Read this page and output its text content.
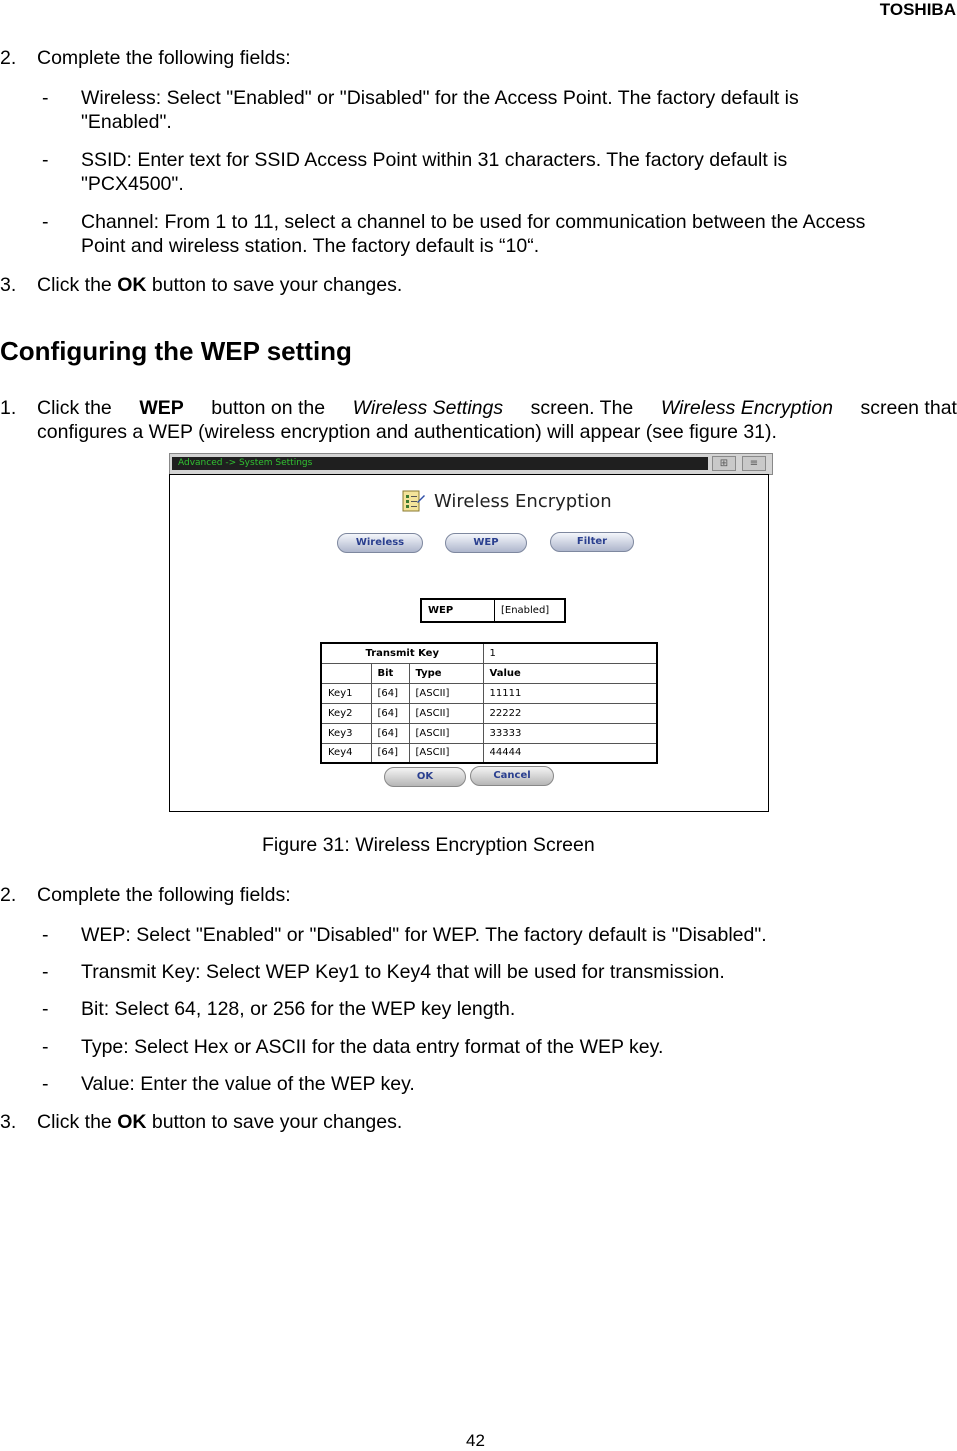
TOSHIBA
2. Complete the following fields:
- Wireless: Select "Enabled" or "Disabled" for the Access Point. The factory default is
"Enabled".
- SSID: Enter text for SSID Access Point within 31 characters. The factory default is
"PCX4500".
- Channel: From 1 to 11, select a channel to be used for communication between the Access
Point and wireless station. The factory default is “10“.
3. Click the OK button to save your changes.
Configuring the WEP setting
1. Click the WEP button on the Wireless Settings screen. The Wireless Encryption screen that
configures a WEP (wireless encryption and authentication) will appear (see figure 31).
Advanced -> System Settings	⊞	≡
Wireless Encryption
Wireless	WEP	Filter
WEP	[Enabled]
Transmit Key			1
	Bit	Type	Value
Key1	[64]	[ASCII]	11111
Key2	[64]	[ASCII]	22222
Key3	[64]	[ASCII]	33333
Key4	[64]	[ASCII]	44444
OK	Cancel
Figure 31: Wireless Encryption Screen
2. Complete the following fields:
- WEP: Select "Enabled" or "Disabled" for WEP. The factory default is "Disabled".
- Transmit Key: Select WEP Key1 to Key4 that will be used for transmission.
- Bit: Select 64, 128, or 256 for the WEP key length.
- Type: Select Hex or ASCII for the data entry format of the WEP key.
- Value: Enter the value of the WEP key.
3. Click the OK button to save your changes.
42
